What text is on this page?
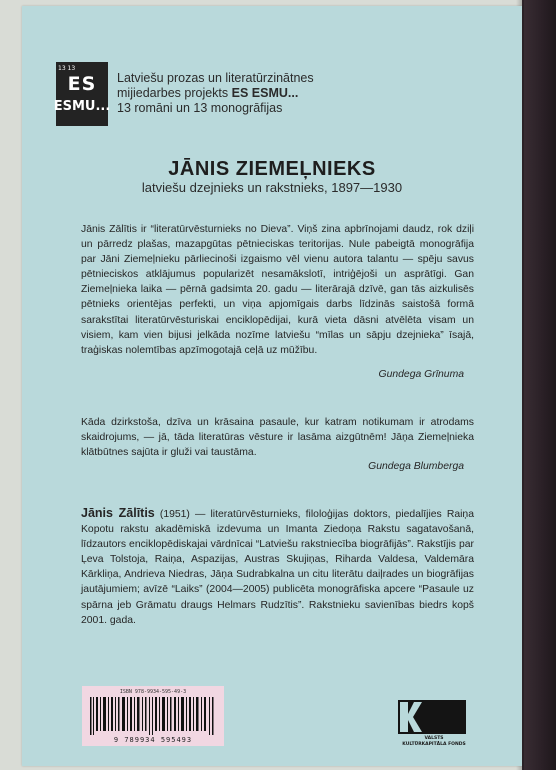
13 13
ES
ESMU...
Latviešu prozas un literatūrzinātnes
mijiedarbes projekts ES ESMU...
13 romāni un 13 monogrāfijas
JĀNIS ZIEMEĻNIEKS
latviešu dzejnieks un rakstnieks, 1897—1930
Jānis Zālītis ir “literatūrvēsturnieks no Dieva”. Viņš zina apbrīnojami daudz, rok dziļi un pārredz plašas, mazapgūtas pētnieciskas teritorijas. Nule pabeigtā monogrāfija par Jāni Ziemeļnieku pārliecinoši izgaismo vēl vienu autora talantu — spēju savus pētnieciskos atklājumus popularizēt nesamākslotī, intriģējoši un asprātīgi. Gan Ziemeļnieka laika — pērnā gadsimta 20. gadu — literārajā dzīvē, gan tās aizkulisēs pētnieks orientējas perfekti, un viņa apjomīgais darbs līdzinās saistošā formā sarakstītai literatūrvēsturiskai enciklopēdijai, kurā vieta dāsni atvēlēta visam un visiem, kam vien bijusi jelkāda nozīme latviešu “mīlas un sāpju dzejnieka” īsajā, traģiskas nolemtības apzīmogotajā ceļā uz mūžību.
Gundega Grīnuma
Kāda dzirkstoša, dzīva un krāsaina pasaule, kur katram notikumam ir atrodams skaidrojums, — jā, tāda literatūras vēsture ir lasāma aizgūtnēm! Jāņa Ziemeļnieka klātbūtnes sajūta ir gluži vai taustāma.
Gundega Blumberga
Jānis Zālītis (1951) — literatūrvēsturnieks, filoloģijas doktors, piedalījies Raiņa Kopotu rakstu akadēmiskā izdevuma un Imanta Ziedoņa Rakstu sagatavošanā, līdzautors enciklopēdiskajai vārdnīcai “Latviešu rakstniecība biogrāfijās”. Rakstījis par Ļeva Tolstoja, Raiņa, Aspazijas, Austras Skujiņas, Riharda Valdesa, Valdemāra Kārkliņa, Andrieva Niedras, Jāņa Sudrabkalna un citu literātu daiļrades un biogrāfijas jautājumiem; avīzē “Laiks” (2004—2005) publicēta monogrāfiska apcere “Pasaule uz spārna jeb Grāmatu draugs Helmars Rudzītis”. Rakstnieku savienības biedrs kopš 2001. gada.
ISBN 978-9934-595-49-3
9 789934 595493	VALSTS
KULTŪRKAPITĀLA FONDS
